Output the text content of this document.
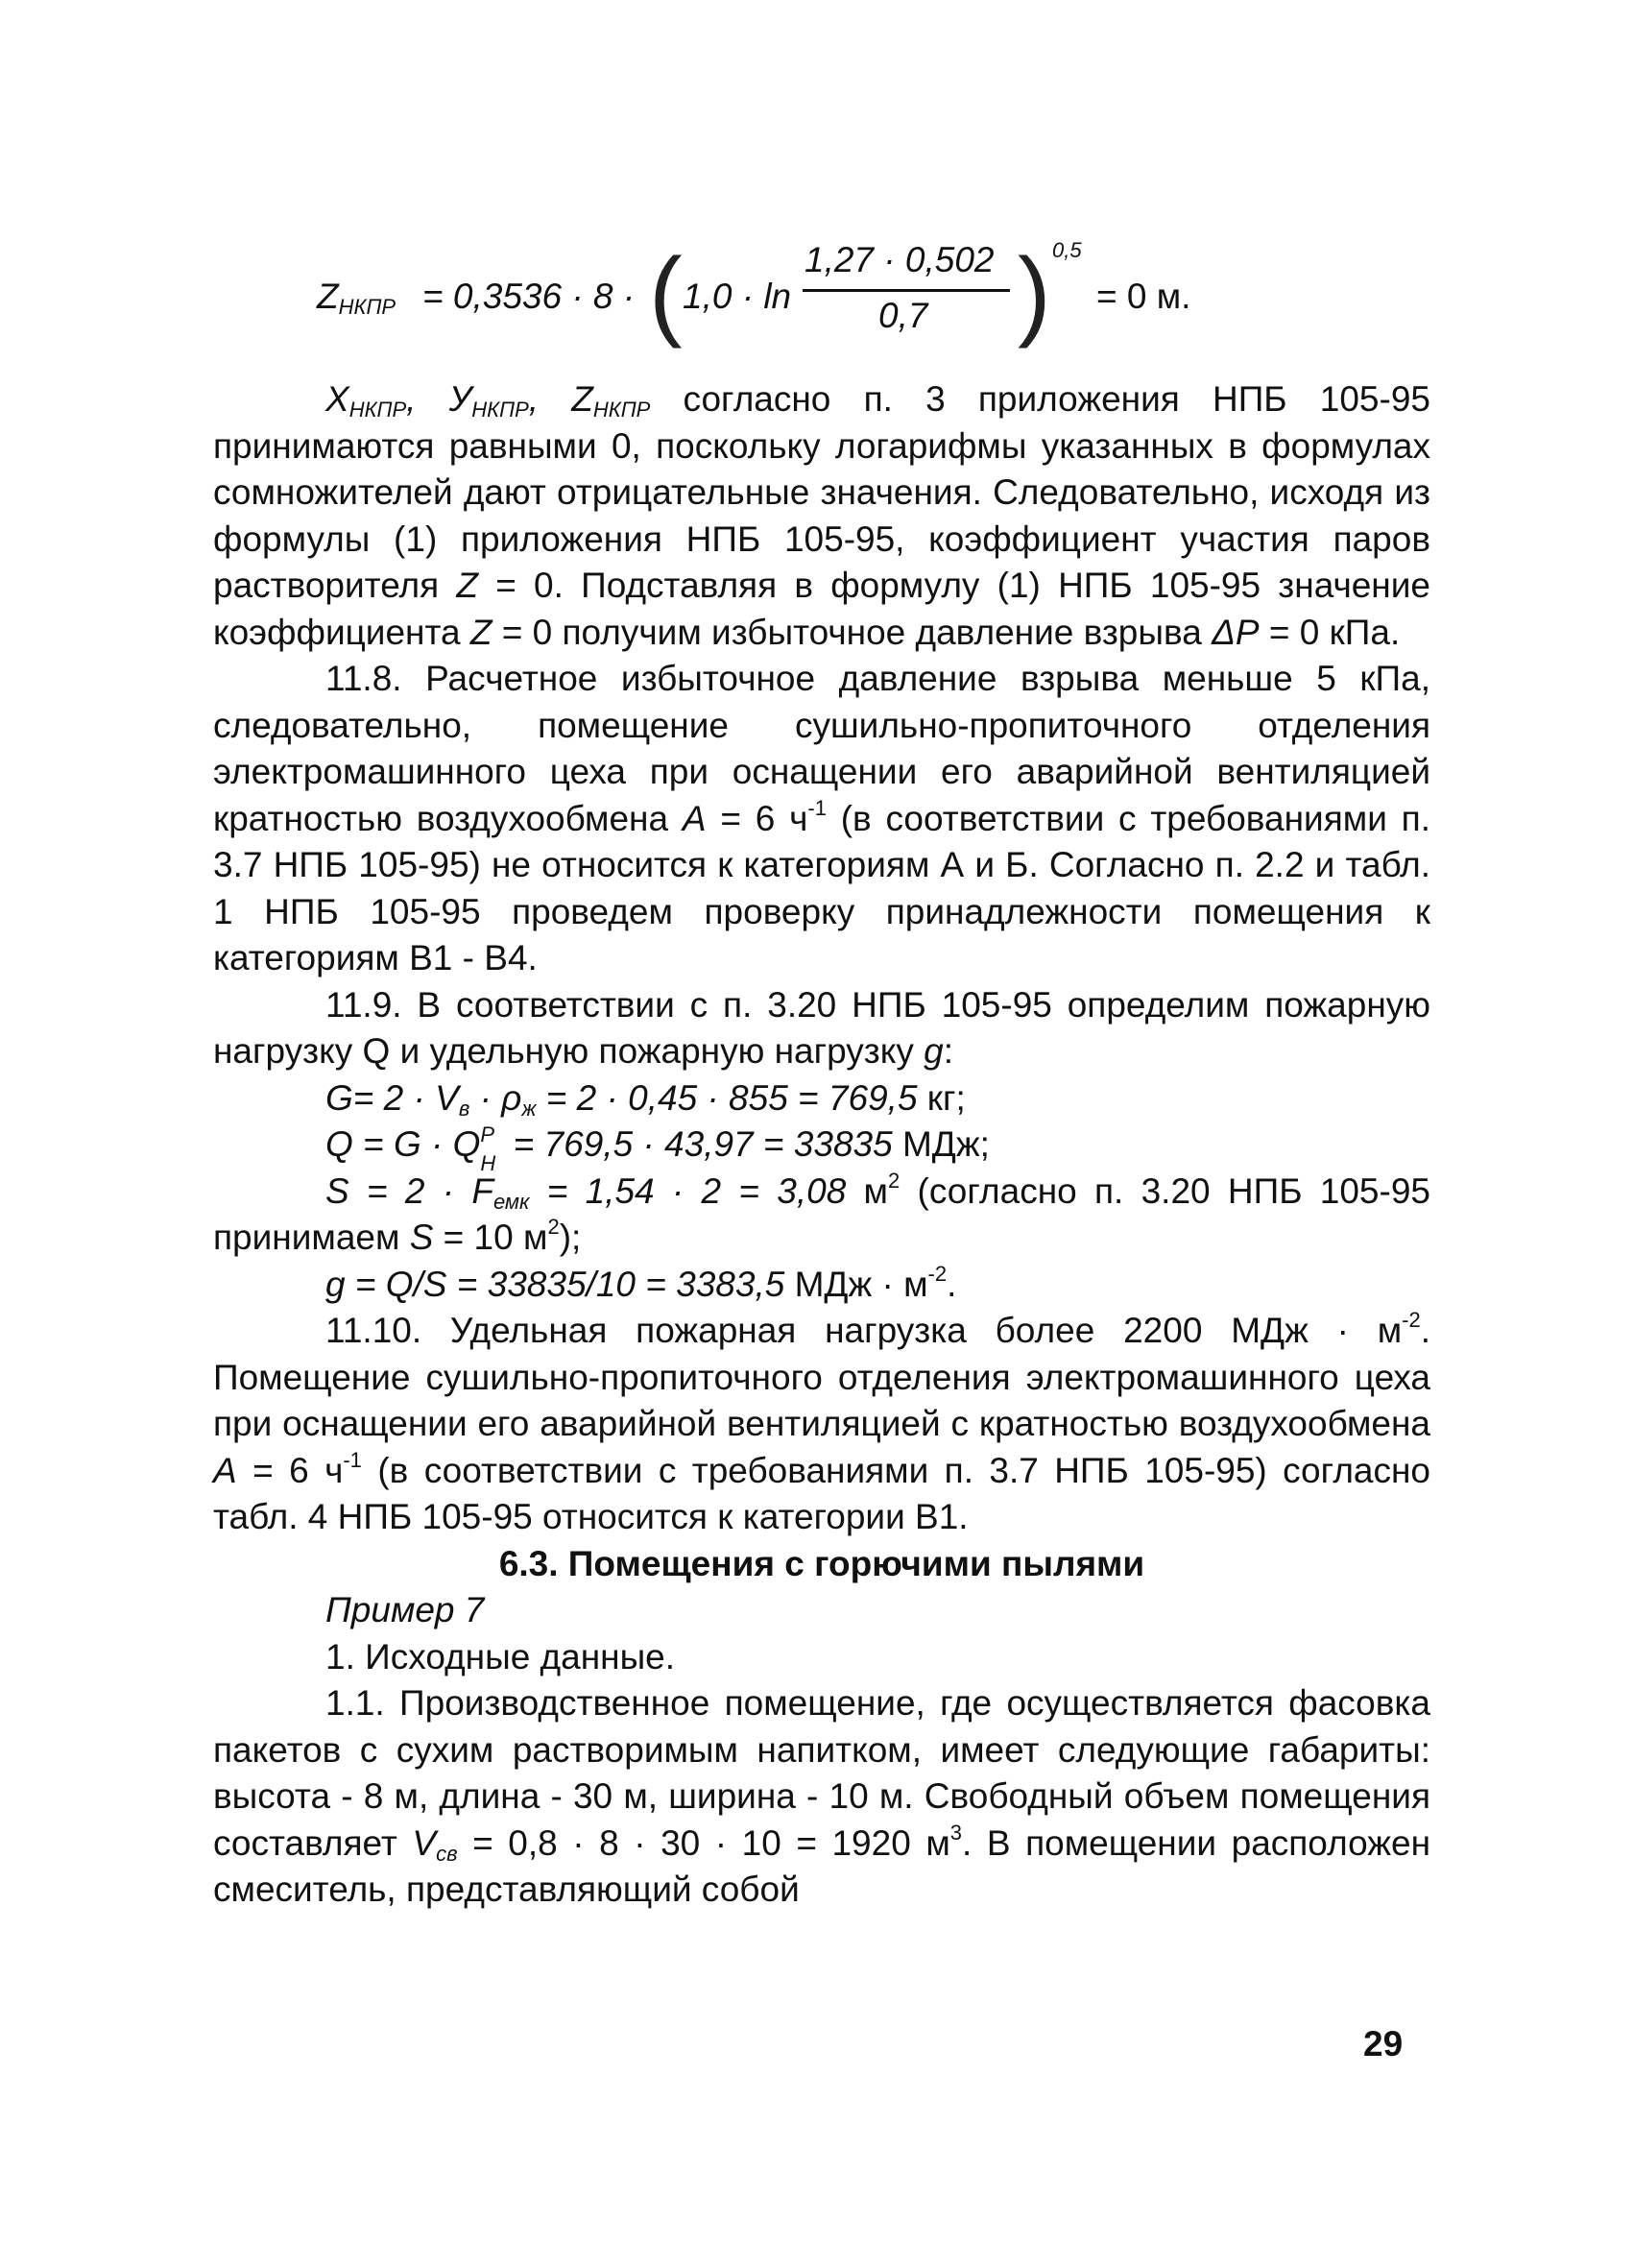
$Z_{НКПР} = 0,3536 \cdot 8$ · ( 1,0 · ln
1,27 · 0,502
0,7 ) 0,5
= 0 м.

$X_{НКПР}$, $У_{НКПР}$, $Z_{НКПР}$ согласно п. 3 приложения НПБ 105-95 принимаются равными 0, поскольку логарифмы указанных в формулах сомножителей дают отрицательные значения. Следовательно, исходя из формулы (1) приложения НПБ 105-95, коэффициент участия паров растворителя Z = 0. Подставляя в формулу (1) НПБ 105-95 значение коэффициента Z = 0 получим избыточное давление взрыва ΔP = 0 кПа.

11.8. Расчетное избыточное давление взрыва меньше 5 кПа, следовательно, помещение сушильно-пропиточного отделения электромашинного цеха при оснащении его аварийной вентиляцией кратностью воздухообмена А = 6 $ч^{-1}$ (в соответствии с требованиями п. 3.7 НПБ 105-95) не относится к категориям А и Б. Согласно п. 2.2 и табл. 1 НПБ 105-95 проведем проверку принадлежности помещения к категориям В1 - В4.

11.9. В соответствии с п. 3.20 НПБ 105-95 определим пожарную нагрузку Q и удельную пожарную нагрузку g:

$G= 2 \cdot V_в \cdot \rho_ж = 2 \cdot 0,45 \cdot 855 = 769,5$ кг;

Q = G · Q P
H = 769,5 · 43,97 = 33835 МДж;

$S = 2 \cdot F_{емк} = 1,54 \cdot 2 = 3,08$ $м^2$ (согласно п. 3.20 НПБ 105-95 принимаем S = 10 $м^2$);

g = Q/S = 33835/10 = 3383,5 МДж · $м^{-2}$.

11.10. Удельная пожарная нагрузка более 2200 МДж · $м^{-2}$. Помещение сушильно-пропиточного отделения электромашинного цеха при оснащении его аварийной вентиляцией с кратностью воздухообмена А = 6 $ч^{-1}$ (в соответствии с требованиями п. 3.7 НПБ 105-95) согласно табл. 4 НПБ 105-95 относится к категории В1.

6.3. Помещения с горючими пылями

Пример 7

1. Исходные данные.

1.1. Производственное помещение, где осуществляется фасовка пакетов с сухим растворимым напитком, имеет следующие габариты: высота - 8 м, длина - 30 м, ширина - 10 м. Свободный объем помещения составляет $V_{св} = 0,8 \cdot 8 \cdot 30 \cdot 10 = 1920$ $м^3$. В помещении расположен смеситель, представляющий собой

29
